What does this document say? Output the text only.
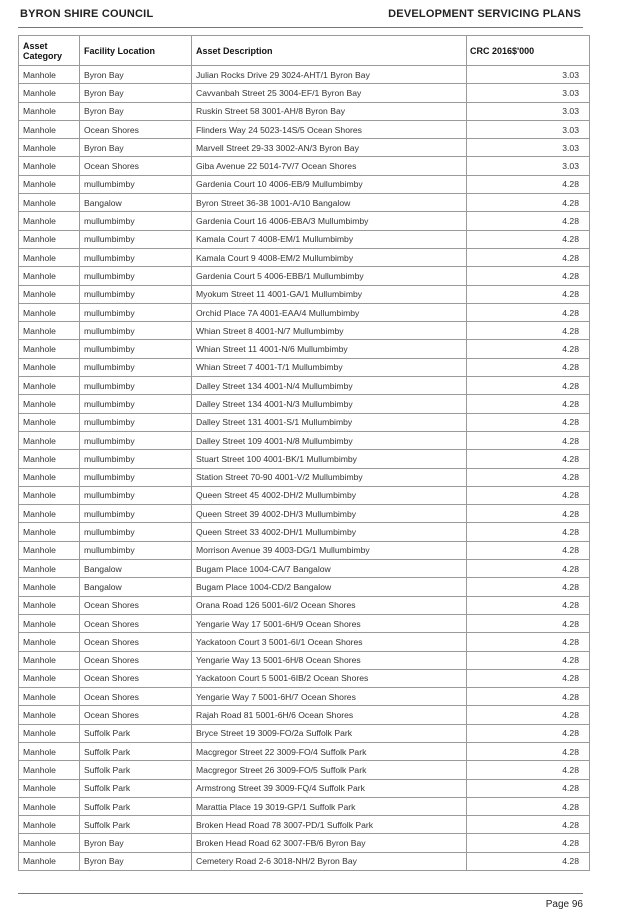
BYRON SHIRE COUNCIL	DEVELOPMENT SERVICING PLANS
Asset Category	Facility Location	Asset Description	CRC 2016$'000
Manhole	Byron Bay	Julian Rocks Drive 29 3024-AHT/1 Byron Bay	3.03
Manhole	Byron Bay	Cavvanbah Street 25 3004-EF/1 Byron Bay	3.03
Manhole	Byron Bay	Ruskin Street 58 3001-AH/8 Byron Bay	3.03
Manhole	Ocean Shores	Flinders Way 24 5023-14S/5 Ocean Shores	3.03
Manhole	Byron Bay	Marvell Street 29-33 3002-AN/3 Byron Bay	3.03
Manhole	Ocean Shores	Giba Avenue 22 5014-7V/7 Ocean Shores	3.03
Manhole	mullumbimby	Gardenia Court 10 4006-EB/9 Mullumbimby	4.28
Manhole	Bangalow	Byron Street 36-38 1001-A/10 Bangalow	4.28
Manhole	mullumbimby	Gardenia Court 16 4006-EBA/3 Mullumbimby	4.28
Manhole	mullumbimby	Kamala Court 7 4008-EM/1 Mullumbimby	4.28
Manhole	mullumbimby	Kamala Court 9 4008-EM/2 Mullumbimby	4.28
Manhole	mullumbimby	Gardenia Court 5 4006-EBB/1 Mullumbimby	4.28
Manhole	mullumbimby	Myokum Street 11 4001-GA/1 Mullumbimby	4.28
Manhole	mullumbimby	Orchid Place 7A 4001-EAA/4 Mullumbimby	4.28
Manhole	mullumbimby	Whian Street 8 4001-N/7 Mullumbimby	4.28
Manhole	mullumbimby	Whian Street 11 4001-N/6 Mullumbimby	4.28
Manhole	mullumbimby	Whian Street 7 4001-T/1 Mullumbimby	4.28
Manhole	mullumbimby	Dalley Street 134 4001-N/4 Mullumbimby	4.28
Manhole	mullumbimby	Dalley Street 134 4001-N/3 Mullumbimby	4.28
Manhole	mullumbimby	Dalley Street 131 4001-S/1 Mullumbimby	4.28
Manhole	mullumbimby	Dalley Street 109 4001-N/8 Mullumbimby	4.28
Manhole	mullumbimby	Stuart Street 100 4001-BK/1 Mullumbimby	4.28
Manhole	mullumbimby	Station Street 70-90 4001-V/2 Mullumbimby	4.28
Manhole	mullumbimby	Queen Street 45 4002-DH/2 Mullumbimby	4.28
Manhole	mullumbimby	Queen Street 39 4002-DH/3 Mullumbimby	4.28
Manhole	mullumbimby	Queen Street 33 4002-DH/1 Mullumbimby	4.28
Manhole	mullumbimby	Morrison Avenue 39 4003-DG/1 Mullumbimby	4.28
Manhole	Bangalow	Bugam Place 1004-CA/7 Bangalow	4.28
Manhole	Bangalow	Bugam Place 1004-CD/2 Bangalow	4.28
Manhole	Ocean Shores	Orana Road 126 5001-6I/2 Ocean Shores	4.28
Manhole	Ocean Shores	Yengarie Way 17 5001-6H/9 Ocean Shores	4.28
Manhole	Ocean Shores	Yackatoon Court 3 5001-6I/1 Ocean Shores	4.28
Manhole	Ocean Shores	Yengarie Way 13 5001-6H/8 Ocean Shores	4.28
Manhole	Ocean Shores	Yackatoon Court 5 5001-6IB/2 Ocean Shores	4.28
Manhole	Ocean Shores	Yengarie Way 7 5001-6H/7 Ocean Shores	4.28
Manhole	Ocean Shores	Rajah Road 81 5001-6H/6 Ocean Shores	4.28
Manhole	Suffolk Park	Bryce Street 19 3009-FO/2a Suffolk Park	4.28
Manhole	Suffolk Park	Macgregor Street 22 3009-FO/4 Suffolk Park	4.28
Manhole	Suffolk Park	Macgregor Street 26 3009-FO/5 Suffolk Park	4.28
Manhole	Suffolk Park	Armstrong Street 39 3009-FQ/4 Suffolk Park	4.28
Manhole	Suffolk Park	Marattia Place 19 3019-GP/1 Suffolk Park	4.28
Manhole	Suffolk Park	Broken Head Road 78 3007-PD/1 Suffolk Park	4.28
Manhole	Byron Bay	Broken Head Road 62 3007-FB/6 Byron Bay	4.28
Manhole	Byron Bay	Cemetery Road 2-6 3018-NH/2 Byron Bay	4.28
Page 96
